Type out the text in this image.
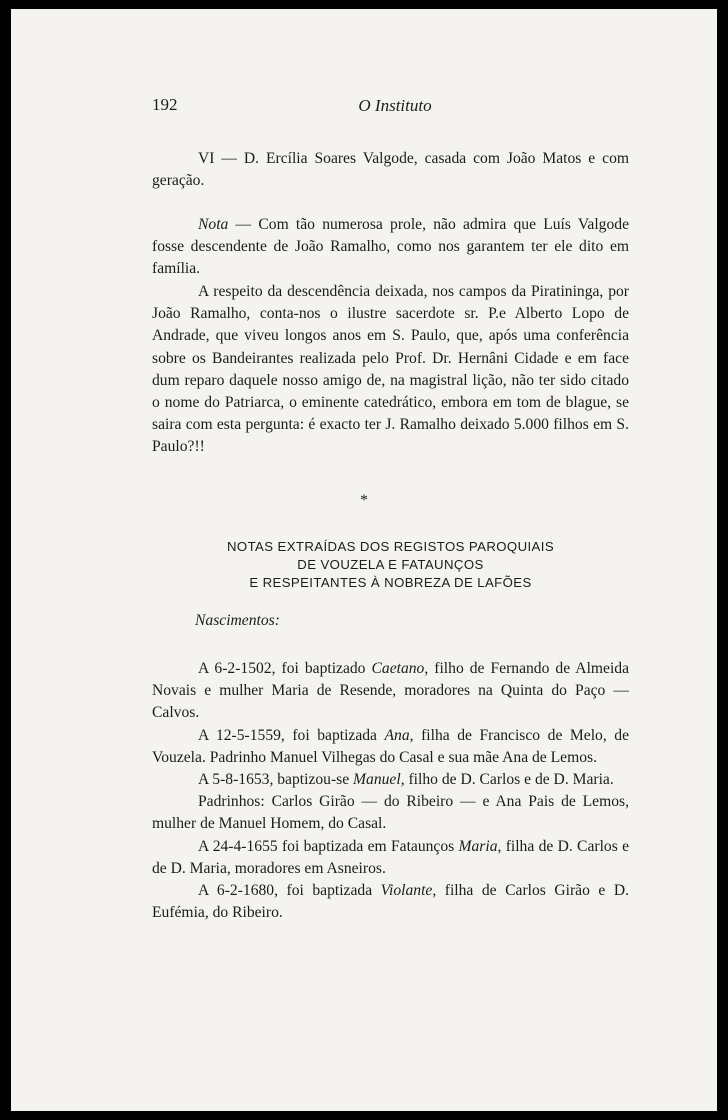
192	O Instituto

VI — D. Ercília Soares Valgode, casada com João Matos e com geração.

Nota — Com tão numerosa prole, não admira que Luís Valgode fosse descendente de João Ramalho, como nos garantem ter ele dito em família.

A respeito da descendência deixada, nos campos da Piratininga, por João Ramalho, conta-nos o ilustre sacerdote sr. P.e Alberto Lopo de Andrade, que viveu longos anos em S. Paulo, que, após uma conferência sobre os Bandeirantes realizada pelo Prof. Dr. Hernâni Cidade e em face dum reparo daquele nosso amigo de, na magistral lição, não ter sido citado o nome do Patriarca, o eminente catedrático, embora em tom de blague, se saira com esta pergunta: é exacto ter J. Ramalho deixado 5.000 filhos em S. Paulo?!!

*
NOTAS EXTRAÍDAS DOS REGISTOS PAROQUIAIS
DE VOUZELA E FATAUNÇOS
E RESPEITANTES À NOBREZA DE LAFÕES
Nascimentos:

A 6-2-1502, foi baptizado Caetano, filho de Fernando de Almeida Novais e mulher Maria de Resende, moradores na Quinta do Paço — Calvos.

A 12-5-1559, foi baptizada Ana, filha de Francisco de Melo, de Vouzela. Padrinho Manuel Vilhegas do Casal e sua mãe Ana de Lemos.

A 5-8-1653, baptizou-se Manuel, filho de D. Carlos e de D. Maria.

Padrinhos: Carlos Girão — do Ribeiro — e Ana Pais de Lemos, mulher de Manuel Homem, do Casal.

A 24-4-1655 foi baptizada em Fataunços Maria, filha de D. Carlos e de D. Maria, moradores em Asneiros.

A 6-2-1680, foi baptizada Violante, filha de Carlos Girão e D. Eufémia, do Ribeiro.
